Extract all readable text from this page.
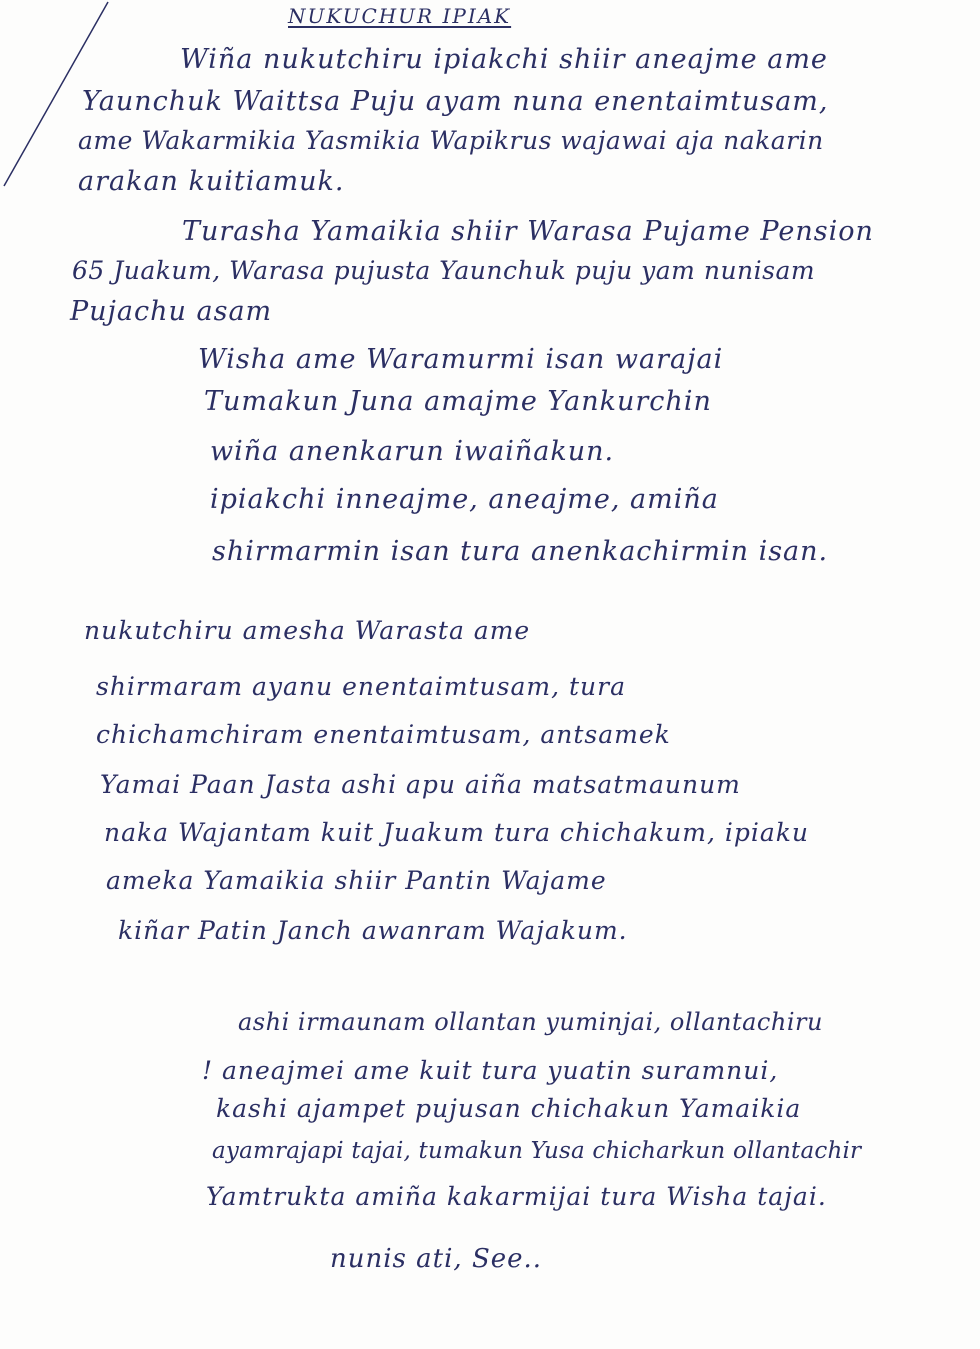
NUKUCHUR IPIAK
Wiña nukutchiru ipiakchi shiir aneajme ame
Yaunchuk Waittsa Puju ayam nuna enentaimtusam,
ame Wakarmikia Yasmikia Wapikrus wajawai aja nakarin
arakan kuitiamuk.
Turasha Yamaikia shiir Warasa Pujame Pension
65 Juakum, Warasa pujusta Yaunchuk puju yam nunisam
Pujachu asam
Wisha ame Waramurmi isan warajai
Tumakun Juna amajme Yankurchin
wiña anenkarun iwaiñakun.
ipiakchi inneajme, aneajme, amiña
shirmarmin isan tura anenkachirmin isan.
nukutchiru amesha Warasta ame
shirmaram ayanu enentaimtusam, tura
chichamchiram enentaimtusam, antsamek
Yamai Paan Jasta ashi apu aiña matsatmaunum
naka Wajantam kuit Juakum tura chichakum, ipiaku
ameka Yamaikia shiir Pantin Wajame
kiñar Patin Janch awanram Wajakum.
ashi irmaunam ollantan yuminjai, ollantachiru
! aneajmei ame kuit tura yuatin suramnui,
kashi ajampet pujusan chichakun Yamaikia
ayamrajapi tajai, tumakun Yusa chicharkun ollantachir
Yamtrukta amiña kakarmijai tura Wisha tajai.
nunis ati, See..
